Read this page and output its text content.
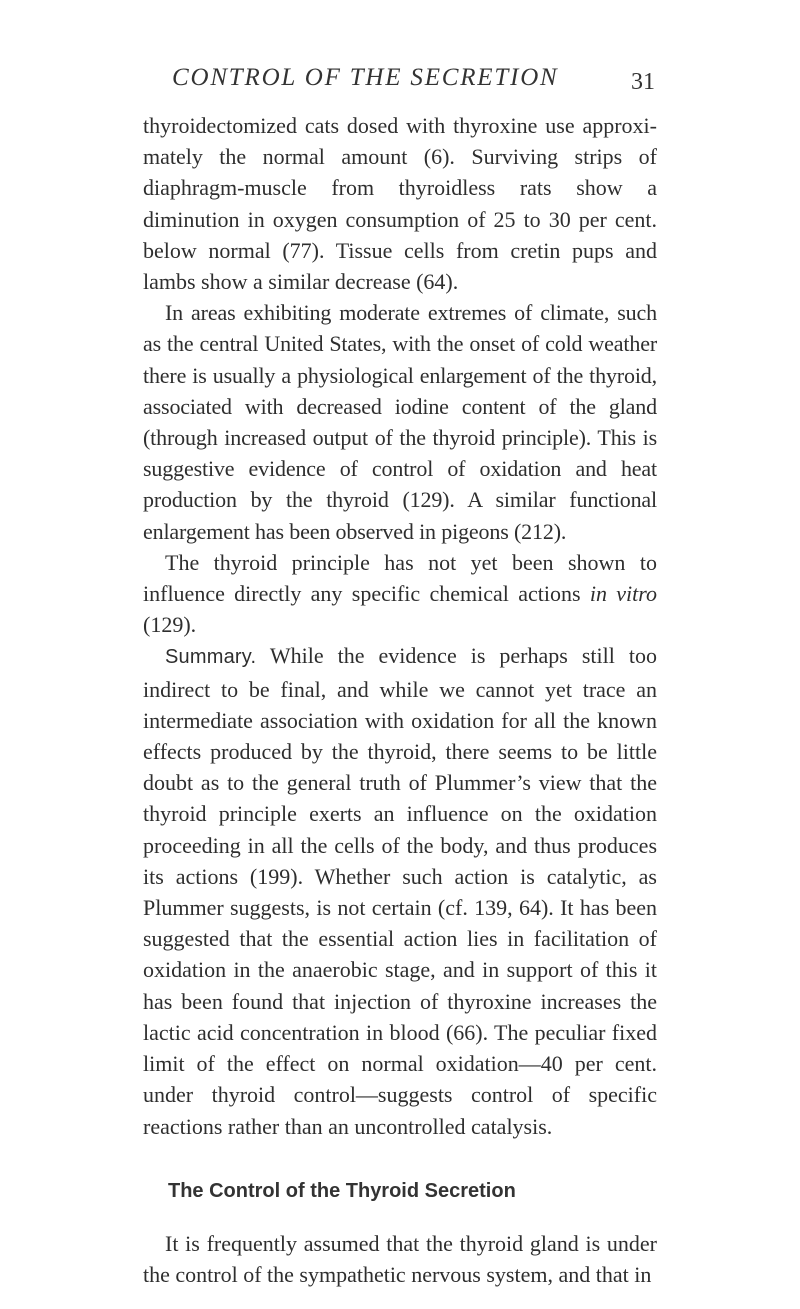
CONTROL OF THE SECRETION	31

thyroidectomized cats dosed with thyroxine use approximately the normal amount (6). Surviving strips of diaphragm-muscle from thyroidless rats show a diminution in oxygen consumption of 25 to 30 per cent. below normal (77). Tissue cells from cretin pups and lambs show a similar decrease (64).

In areas exhibiting moderate extremes of climate, such as the central United States, with the onset of cold weather there is usually a physiological enlargement of the thyroid, associated with decreased iodine content of the gland (through increased output of the thyroid principle). This is suggestive evidence of control of oxidation and heat production by the thyroid (129). A similar functional enlargement has been observed in pigeons (212).

The thyroid principle has not yet been shown to influence directly any specific chemical actions in vitro (129).

Summary. While the evidence is perhaps still too indirect to be final, and while we cannot yet trace an intermediate association with oxidation for all the known effects produced by the thyroid, there seems to be little doubt as to the general truth of Plummer’s view that the thyroid principle exerts an influence on the oxidation proceeding in all the cells of the body, and thus produces its actions (199). Whether such action is catalytic, as Plummer suggests, is not certain (cf. 139, 64). It has been suggested that the essential action lies in facilitation of oxidation in the anaerobic stage, and in support of this it has been found that injection of thyroxine increases the lactic acid concentration in blood (66). The peculiar fixed limit of the effect on normal oxidation—40 per cent. under thyroid control—suggests control of specific reactions rather than an uncontrolled catalysis.

The Control of the Thyroid Secretion

It is frequently assumed that the thyroid gland is under the control of the sympathetic nervous system, and that in
